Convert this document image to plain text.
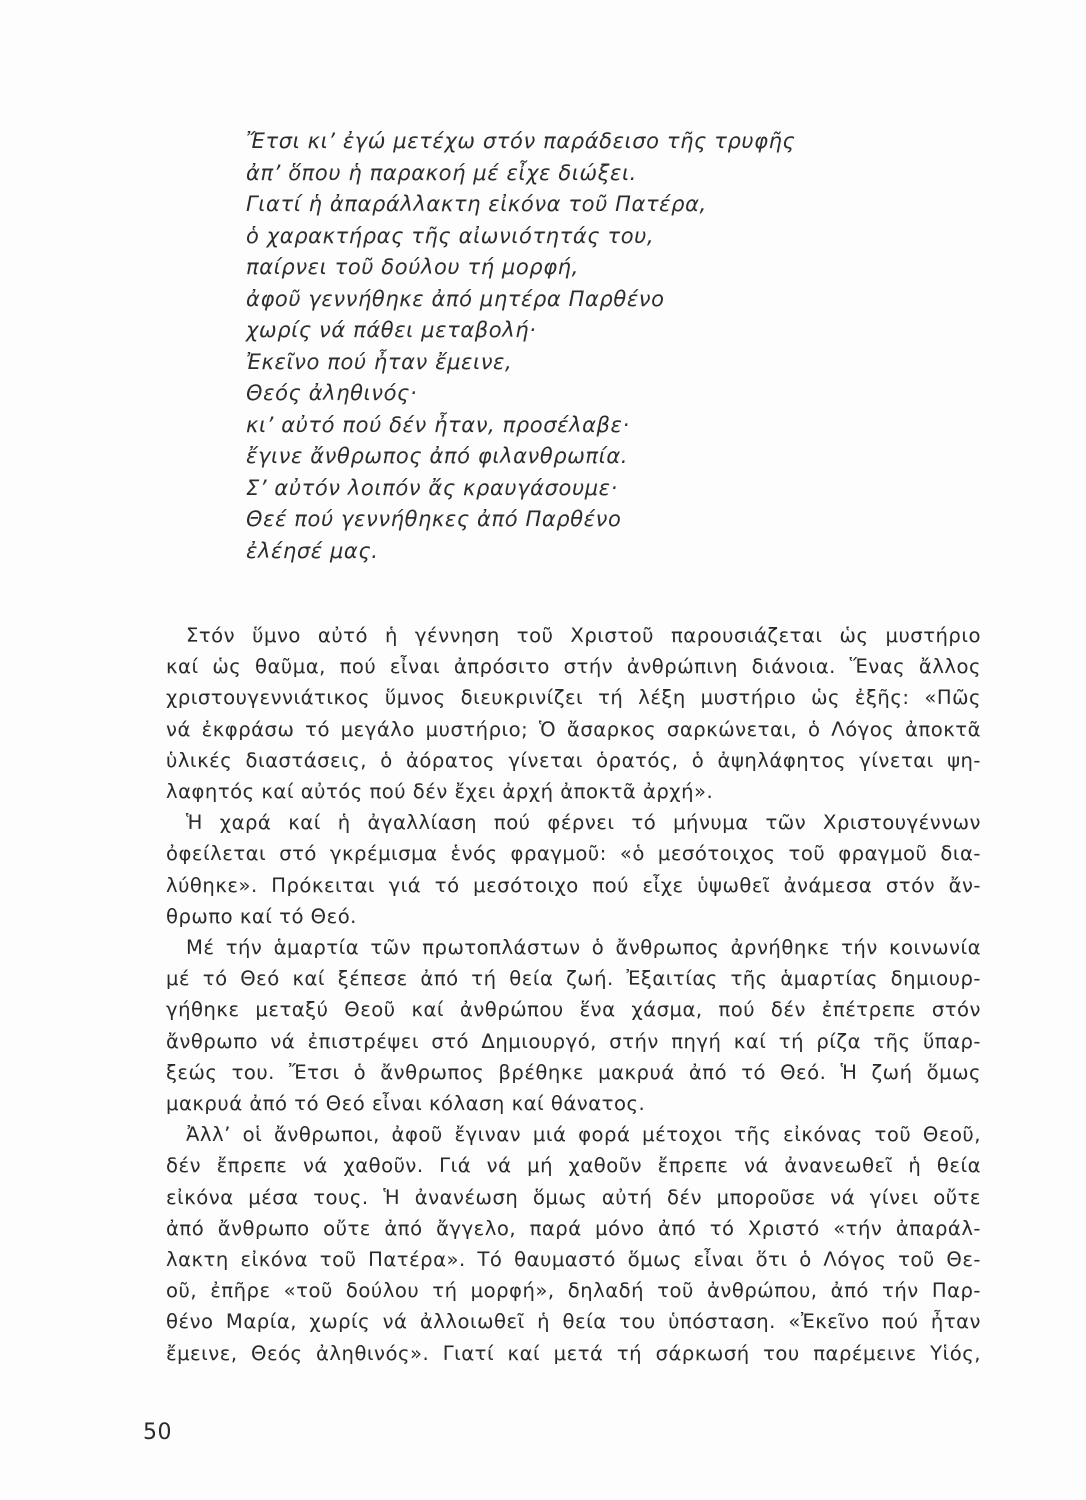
Ἔτσι κι’ ἐγώ μετέχω στόν παράδεισο τῆς τρυφῆς
ἀπ’ ὅπου ἡ παρακοή μέ εἶχε διώξει.
Γιατί ἡ ἀπαράλλακτη εἰκόνα τοῦ Πατέρα,
ὁ χαρακτήρας τῆς αἰωνιότητάς του,
παίρνει τοῦ δούλου τή μορφή,
ἀφοῦ γεννήθηκε ἀπό μητέρα Παρθένο
χωρίς νά πάθει μεταβολή·
Ἐκεῖνο πού ἦταν ἔμεινε,
Θεός ἀληθινός·
κι’ αὐτό πού δέν ἦταν, προσέλαβε·
ἔγινε ἄνθρωπος ἀπό φιλανθρωπία.
Σ’ αὐτόν λοιπόν ἄς κραυγάσουμε·
Θεέ πού γεννήθηκες ἀπό Παρθένο
ἐλέησέ μας.
Στόν ὕμνο αὐτό ἡ γέννηση τοῦ Χριστοῦ παρουσιάζεται ὡς μυστήριο
καί ὡς θαῦμα, πού εἶναι ἀπρόσιτο στήν ἀνθρώπινη διάνοια. Ἕνας ἄλλος
χριστουγεννιάτικος ὕμνος διευκρινίζει τή λέξη μυστήριο ὡς ἐξῆς: «Πῶς
νά ἐκφράσω τό μεγάλο μυστήριο; Ὁ ἄσαρκος σαρκώνεται, ὁ Λόγος ἀποκτᾶ
ὑλικές διαστάσεις, ὁ ἀόρατος γίνεται ὁρατός, ὁ ἀψηλάφητος γίνεται ψη-
λαφητός καί αὐτός πού δέν ἔχει ἀρχή ἀποκτᾶ ἀρχή».
Ἡ χαρά καί ἡ ἀγαλλίαση πού φέρνει τό μήνυμα τῶν Χριστουγέννων
ὀφείλεται στό γκρέμισμα ἑνός φραγμοῦ: «ὁ μεσότοιχος τοῦ φραγμοῦ δια-
λύθηκε». Πρόκειται γιά τό μεσότοιχο πού εἶχε ὑψωθεῖ ἀνάμεσα στόν ἄν-
θρωπο καί τό Θεό.
Μέ τήν ἁμαρτία τῶν πρωτοπλάστων ὁ ἄνθρωπος ἀρνήθηκε τήν κοινωνία
μέ τό Θεό καί ξέπεσε ἀπό τή θεία ζωή. Ἐξαιτίας τῆς ἁμαρτίας δημιουρ-
γήθηκε μεταξύ Θεοῦ καί ἀνθρώπου ἕνα χάσμα, πού δέν ἐπέτρεπε στόν
ἄνθρωπο νά ἐπιστρέψει στό Δημιουργό, στήν πηγή καί τή ρίζα τῆς ὕπαρ-
ξεώς του. Ἔτσι ὁ ἄνθρωπος βρέθηκε μακρυά ἀπό τό Θεό. Ἡ ζωή ὅμως
μακρυά ἀπό τό Θεό εἶναι κόλαση καί θάνατος.
Ἀλλ’ οἱ ἄνθρωποι, ἀφοῦ ἔγιναν μιά φορά μέτοχοι τῆς εἰκόνας τοῦ Θεοῦ,
δέν ἔπρεπε νά χαθοῦν. Γιά νά μή χαθοῦν ἔπρεπε νά ἀνανεωθεῖ ἡ θεία
εἰκόνα μέσα τους. Ἡ ἀνανέωση ὅμως αὐτή δέν μποροῦσε νά γίνει οὔτε
ἀπό ἄνθρωπο οὔτε ἀπό ἄγγελο, παρά μόνο ἀπό τό Χριστό «τήν ἀπαράλ-
λακτη εἰκόνα τοῦ Πατέρα». Τό θαυμαστό ὅμως εἶναι ὅτι ὁ Λόγος τοῦ Θε-
οῦ, ἐπῆρε «τοῦ δούλου τή μορφή», δηλαδή τοῦ ἀνθρώπου, ἀπό τήν Παρ-
θένο Μαρία, χωρίς νά ἀλλοιωθεῖ ἡ θεία του ὑπόσταση. «Ἐκεῖνο πού ἦταν
ἔμεινε, Θεός ἀληθινός». Γιατί καί μετά τή σάρκωσή του παρέμεινε Υἱός,
50
